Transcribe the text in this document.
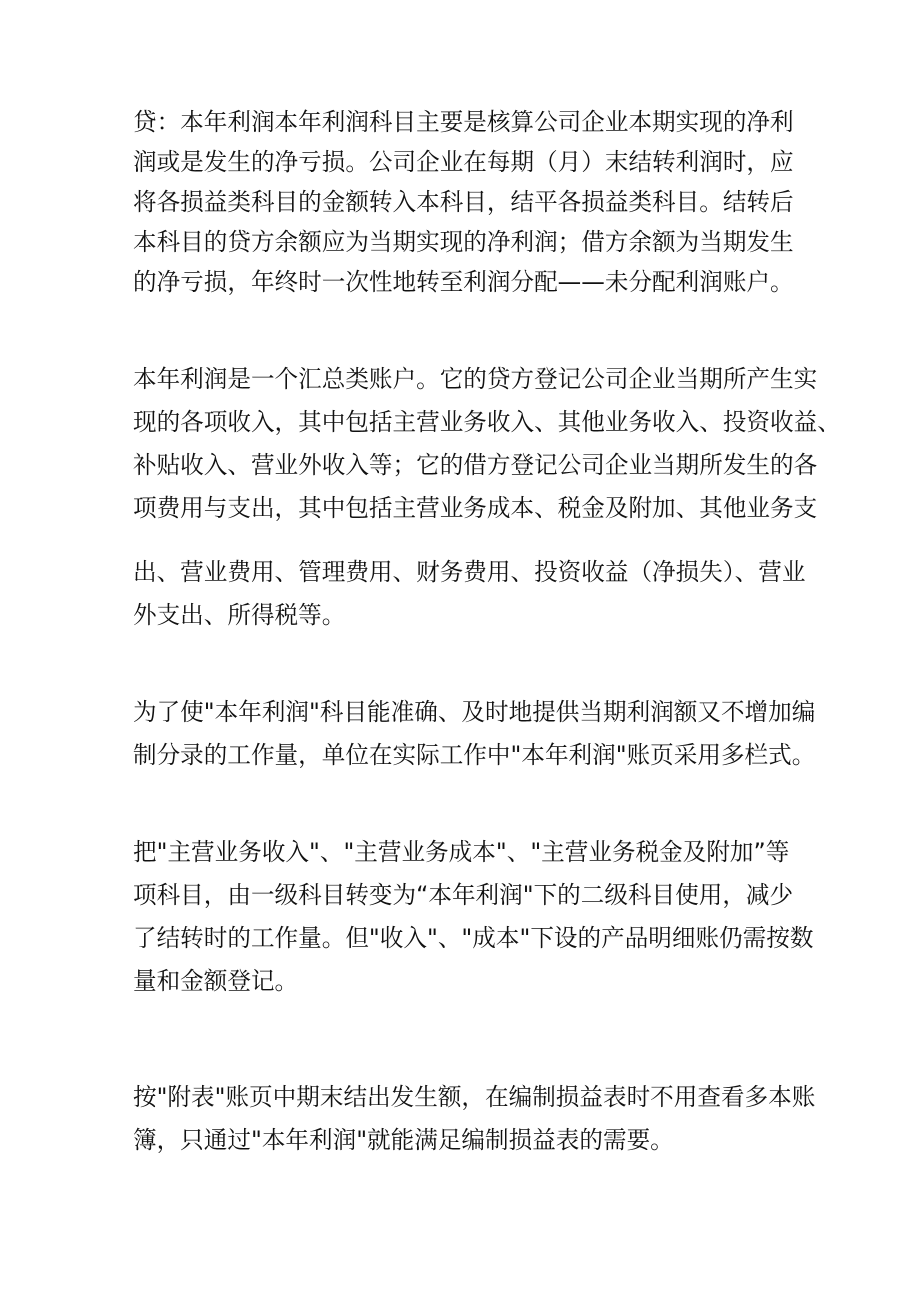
贷：本年利润本年利润科目主要是核算公司企业本期实现的净利
润或是发生的净亏损。公司企业在每期（月）末结转利润时，应
将各损益类科目的金额转入本科目，结平各损益类科目。结转后
本科目的贷方余额应为当期实现的净利润；借方余额为当期发生
的净亏损，年终时一次性地转至利润分配——未分配利润账户。
本年利润是一个汇总类账户。它的贷方登记公司企业当期所产生实
现的各项收入，其中包括主营业务收入、其他业务收入、投资收益、
补贴收入、营业外收入等；它的借方登记公司企业当期所发生的各
项费用与支出，其中包括主营业务成本、税金及附加、其他业务支
出、营业费用、管理费用、财务费用、投资收益（净损失）、营业
外支出、所得税等。
为了使"本年利润"科目能准确、及时地提供当期利润额又不增加编
制分录的工作量，单位在实际工作中"本年利润"账页采用多栏式。
把"主营业务收入"、"主营业务成本"、"主营业务税金及附加”等
项科目，由一级科目转变为“本年利润"下的二级科目使用，减少
了结转时的工作量。但"收入"、"成本"下设的产品明细账仍需按数
量和金额登记。
按"附表"账页中期末结出发生额，在编制损益表时不用查看多本账
簿，只通过"本年利润"就能满足编制损益表的需要。
